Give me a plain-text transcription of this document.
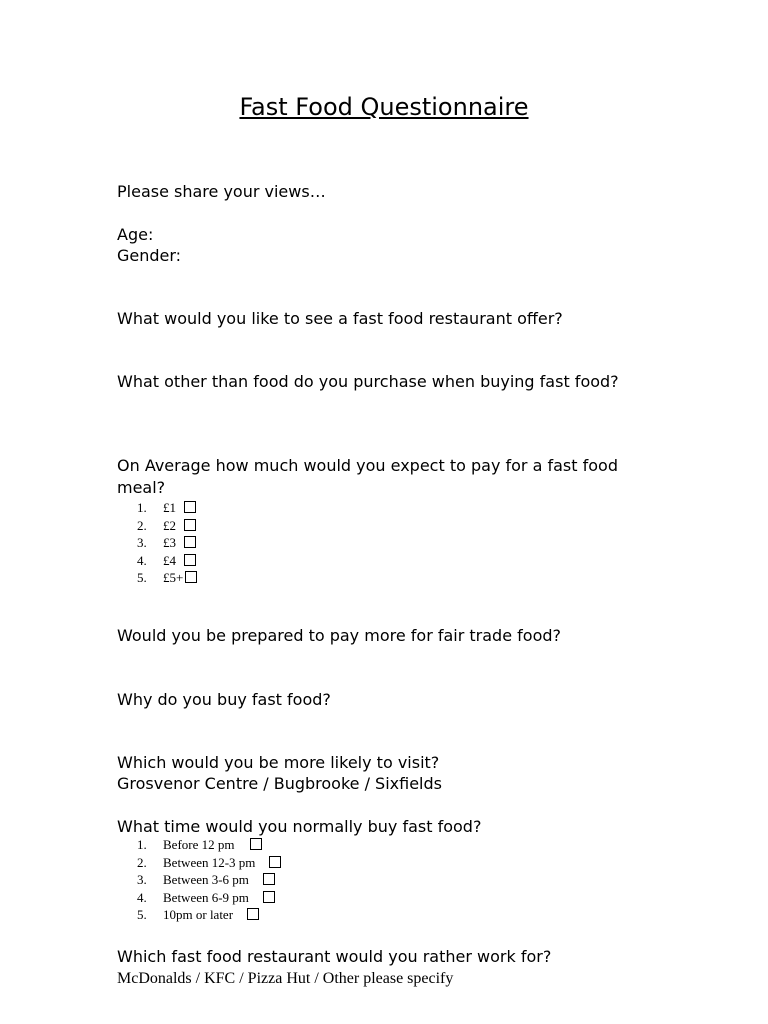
Fast Food Questionnaire
Please share your views…
Age:
Gender:
What would you like to see a fast food restaurant offer?
What other than food do you purchase when buying fast food?
On Average how much would you expect to pay for a fast food meal?
1. £1
2. £2
3. £3
4. £4
5. £5+
Would you be prepared to pay more for fair trade food?
Why do you buy fast food?
Which would you be more likely to visit?
Grosvenor Centre / Bugbrooke / Sixfields
What time would you normally buy fast food?
1. Before 12 pm
2. Between 12-3 pm
3. Between 3-6 pm
4. Between 6-9 pm
5. 10pm or later
Which fast food restaurant would you rather work for?
McDonalds / KFC / Pizza Hut / Other please specify
